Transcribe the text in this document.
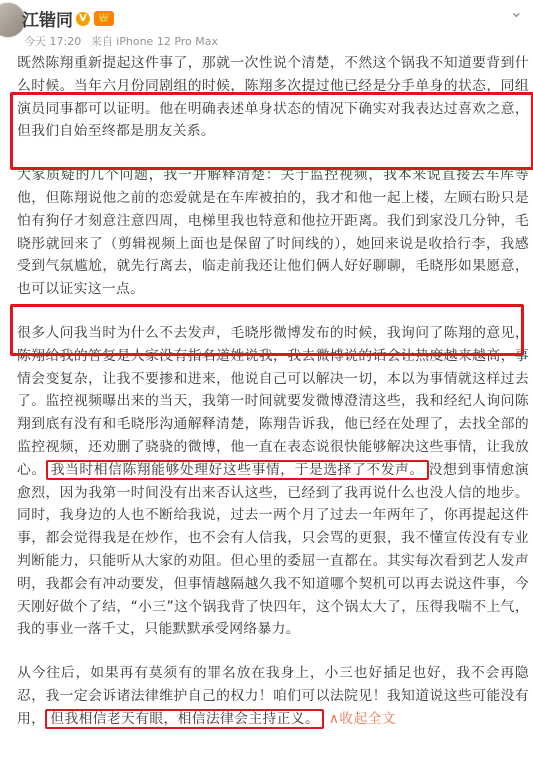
江锴同 V	👑
今天 17:20 来自 iPhone 12 Pro Max
⌄

既然陈翔重新提起这件事了，那就一次性说个清楚，不然这个锅我不知道要背到什么时候。当年六月份同剧组的时候，陈翔多次提过他已经是分手单身的状态，同组演员同事都可以证明。他在明确表述单身状态的情况下确实对我表达过喜欢之意，但我们自始至终都是朋友关系。

大家质疑的几个问题，我一并解释清楚：关于监控视频，我本来说直接去车库等他，但陈翔说他之前的恋爱就是在车库被拍的，我才和他一起上楼，左顾右盼只是怕有狗仔才刻意注意四周，电梯里我也特意和他拉开距离。我们到家没几分钟，毛晓彤就回来了（剪辑视频上面也是保留了时间线的），她回来说是收拾行李，我感受到气氛尴尬，就先行离去，临走前我还让他们俩人好好聊聊，毛晓彤如果愿意，也可以证实这一点。

很多人问我当时为什么不去发声，毛晓彤微博发布的时候，我询问了陈翔的意见，陈翔给我的答复是人家没有指名道姓说我，我去微博说的话会让热度越来越高，事情会变复杂，让我不要掺和进来，他说自己可以解决一切，本以为事情就这样过去了。监控视频曝出来的当天，我第一时间就要发微博澄清这些，我和经纪人询问陈翔到底有没有和毛晓彤沟通解释清楚，陈翔告诉我，他已经在处理了，去找全部的监控视频，还劝删了骁骁的微博，他一直在表态说很快能够解决这些事情，让我放心。 我当时相信陈翔能够处理好这些事情，于是选择了不发声。 没想到事情愈演愈烈，因为我第一时间没有出来否认这些，已经到了我再说什么也没人信的地步。同时，我身边的人也不断给我说，过去一两个月了过去一年两年了，你再提起这件事，都会觉得我是在炒作，也不会有人信我，只会骂的更狠，我不懂宣传没有专业判断能力，只能听从大家的劝阻。但心里的委屈一直都在。其实每次看到艺人发声明，我都会有冲动要发，但事情越隔越久我不知道哪个契机可以再去说这件事，今天刚好做个了结，“小三”这个锅我背了快四年，这个锅太大了，压得我喘不上气，我的事业一落千丈，只能默默承受网络暴力。

从今往后，如果再有莫须有的罪名放在我身上，小三也好插足也好，我不会再隐忍，我一定会诉诸法律维护自己的权力！咱们可以法院见！我知道说这些可能没有用， 但我相信老天有眼，相信法律会主持正义。 ∧收起全文
